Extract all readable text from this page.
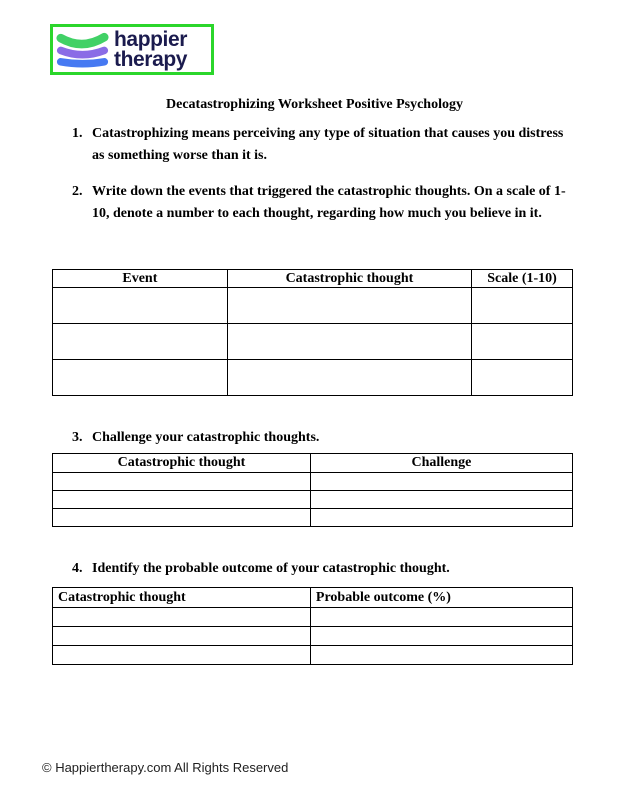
happier
therapy
Decatastrophizing Worksheet Positive Psychology
1. Catastrophizing means perceiving any type of situation that causes you distress as something worse than it is.
2. Write down the events that triggered the catastrophic thoughts. On a scale of 1-10, denote a number to each thought, regarding how much you believe in it.
3. Challenge your catastrophic thoughts.
4. Identify the probable outcome of your catastrophic thought.
Event	Catastrophic thought	Scale (1-10)

Catastrophic thought	Challenge

Catastrophic thought	Probable outcome (%)

© Happiertherapy.com All Rights Reserved
